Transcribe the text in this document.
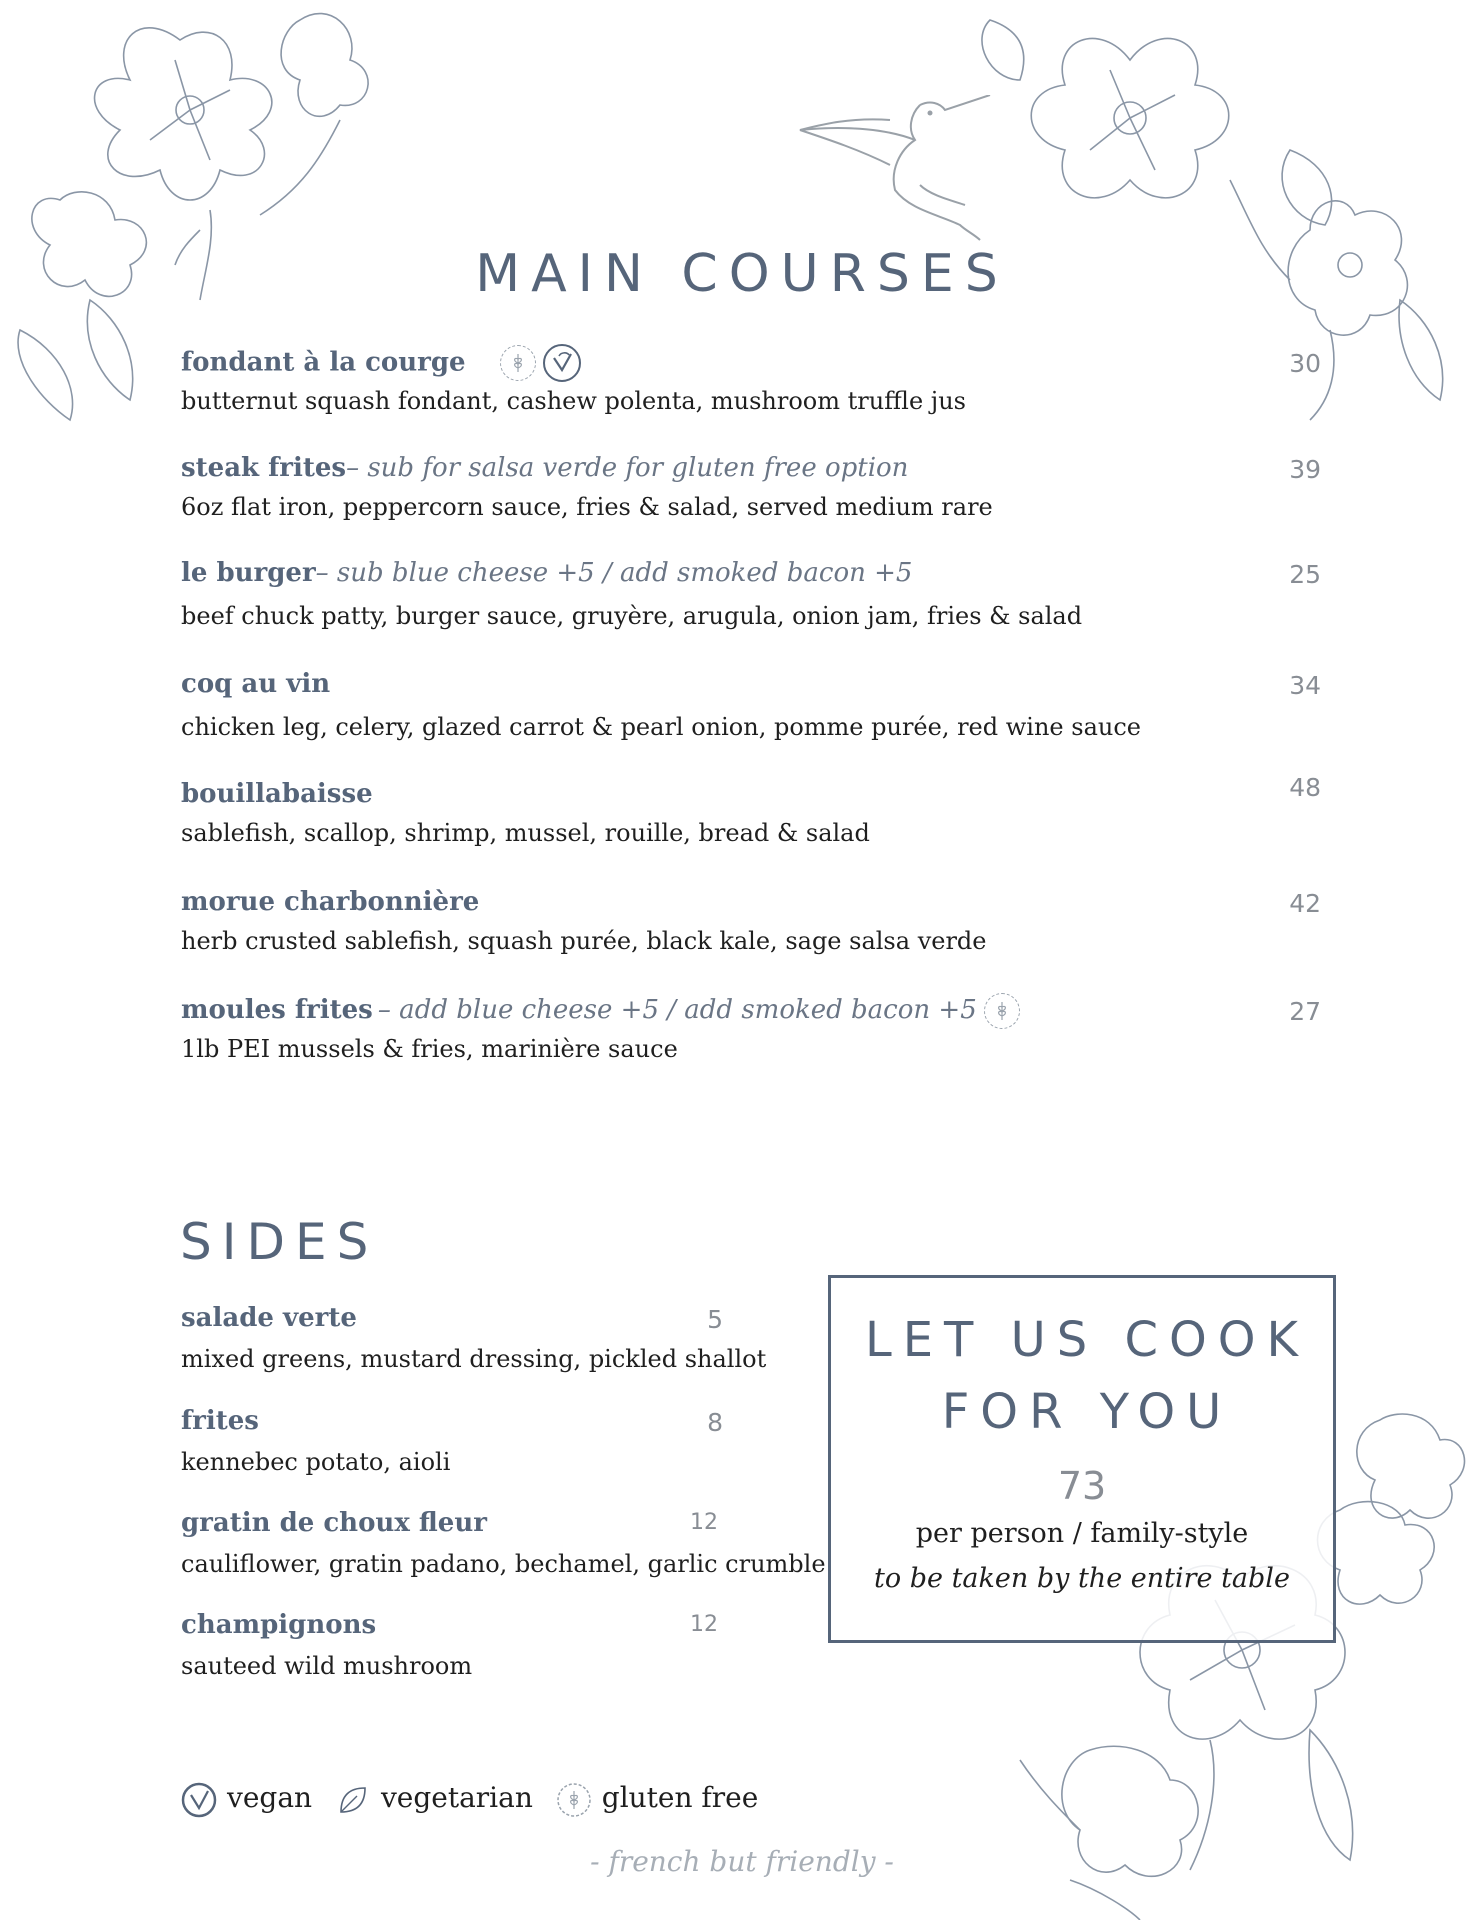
MAIN COURSES
fondant à la courge
	30
butternut squash fondant, cashew polenta, mushroom truffle jus
steak frites– sub for salsa verde for gluten free option	39
6oz flat iron, peppercorn sauce, fries & salad, served medium rare
le burger– sub blue cheese +5 / add smoked bacon +5	25
beef chuck patty, burger sauce, gruyère, arugula, onion jam, fries & salad
coq au vin	34
chicken leg, celery, glazed carrot & pearl onion, pomme purée, red wine sauce
bouillabaisse	48
sablefish, scallop, shrimp, mussel, rouille, bread & salad
morue charbonnière	42
herb crusted sablefish, squash purée, black kale, sage salsa verde
moules frites – add blue cheese +5 / add smoked bacon +5	27
1lb PEI mussels & fries, marinière sauce
SIDES
salade verte	5
mixed greens, mustard dressing, pickled shallot
frites	8
kennebec potato, aioli
gratin de choux fleur	12
cauliflower, gratin padano, bechamel, garlic crumble
champignons	12
sauteed wild mushroom
LET US COOK
FOR YOU
73
per person / family-style
to be taken by the entire table
vegan vegetarian gluten free
- french but friendly -
